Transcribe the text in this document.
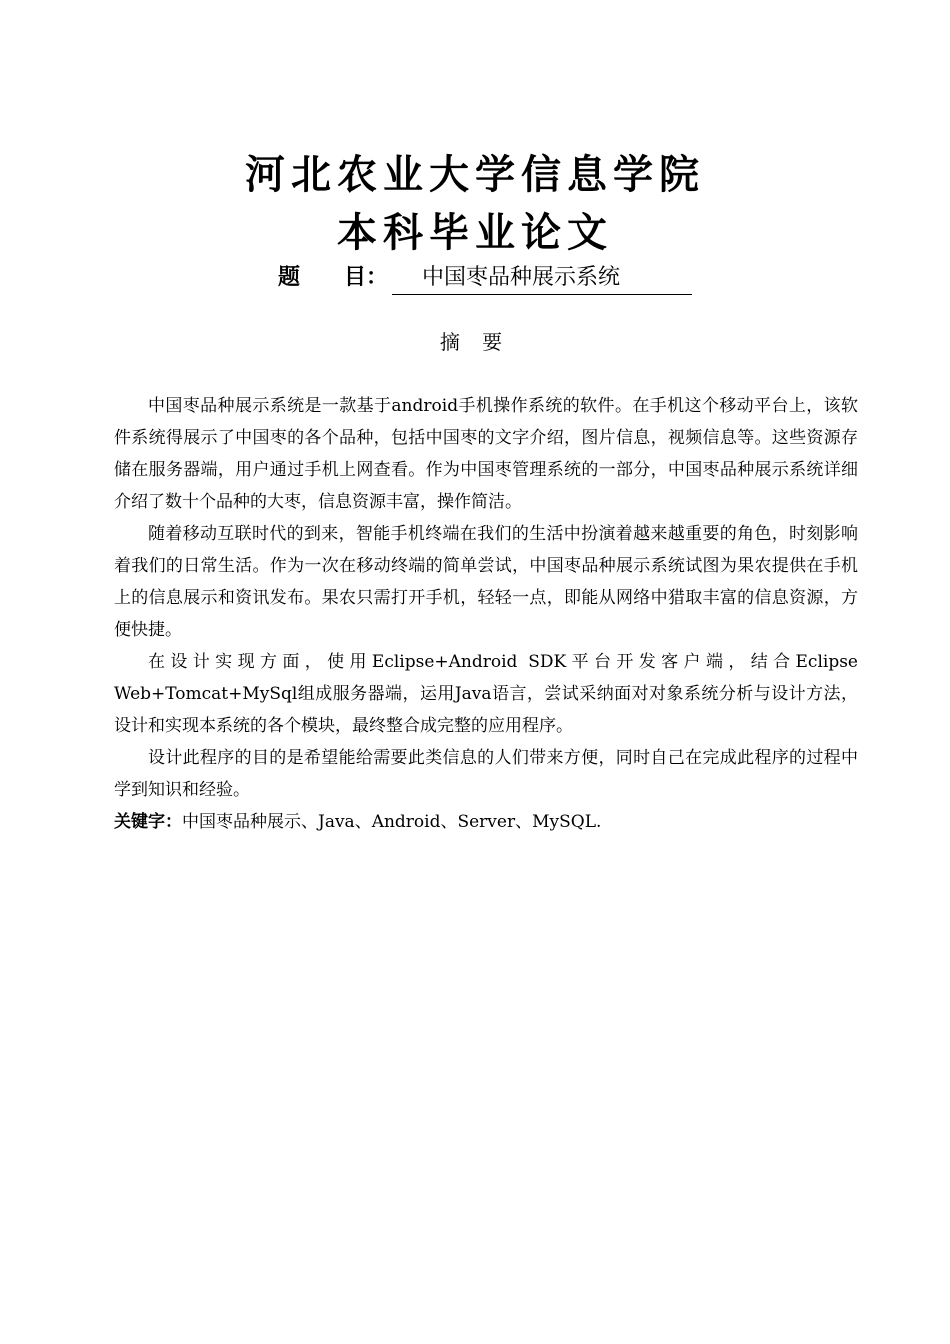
河北农业大学信息学院
本科毕业论文
题　　目：	中国枣品种展示系统
摘 要

中国枣品种展示系统是一款基于android手机操作系统的软件。在手机这个移动平台上，该软件系统得展示了中国枣的各个品种，包括中国枣的文字介绍，图片信息，视频信息等。这些资源存储在服务器端，用户通过手机上网查看。作为中国枣管理系统的一部分，中国枣品种展示系统详细介绍了数十个品种的大枣，信息资源丰富，操作简洁。

随着移动互联时代的到来，智能手机终端在我们的生活中扮演着越来越重要的角色，时刻影响着我们的日常生活。作为一次在移动终端的简单尝试，中国枣品种展示系统试图为果农提供在手机上的信息展示和资讯发布。果农只需打开手机，轻轻一点，即能从网络中猎取丰富的信息资源，方便快捷。

在设计实现方面，使用Eclipse+Android SDK平台开发客户端，结合Eclipse Web+Tomcat+MySql组成服务器端，运用Java语言，尝试采纳面对对象系统分析与设计方法，设计和实现本系统的各个模块，最终整合成完整的应用程序。

设计此程序的目的是希望能给需要此类信息的人们带来方便，同时自己在完成此程序的过程中学到知识和经验。

关键字：中国枣品种展示、Java、Android、Server、MySQL.
